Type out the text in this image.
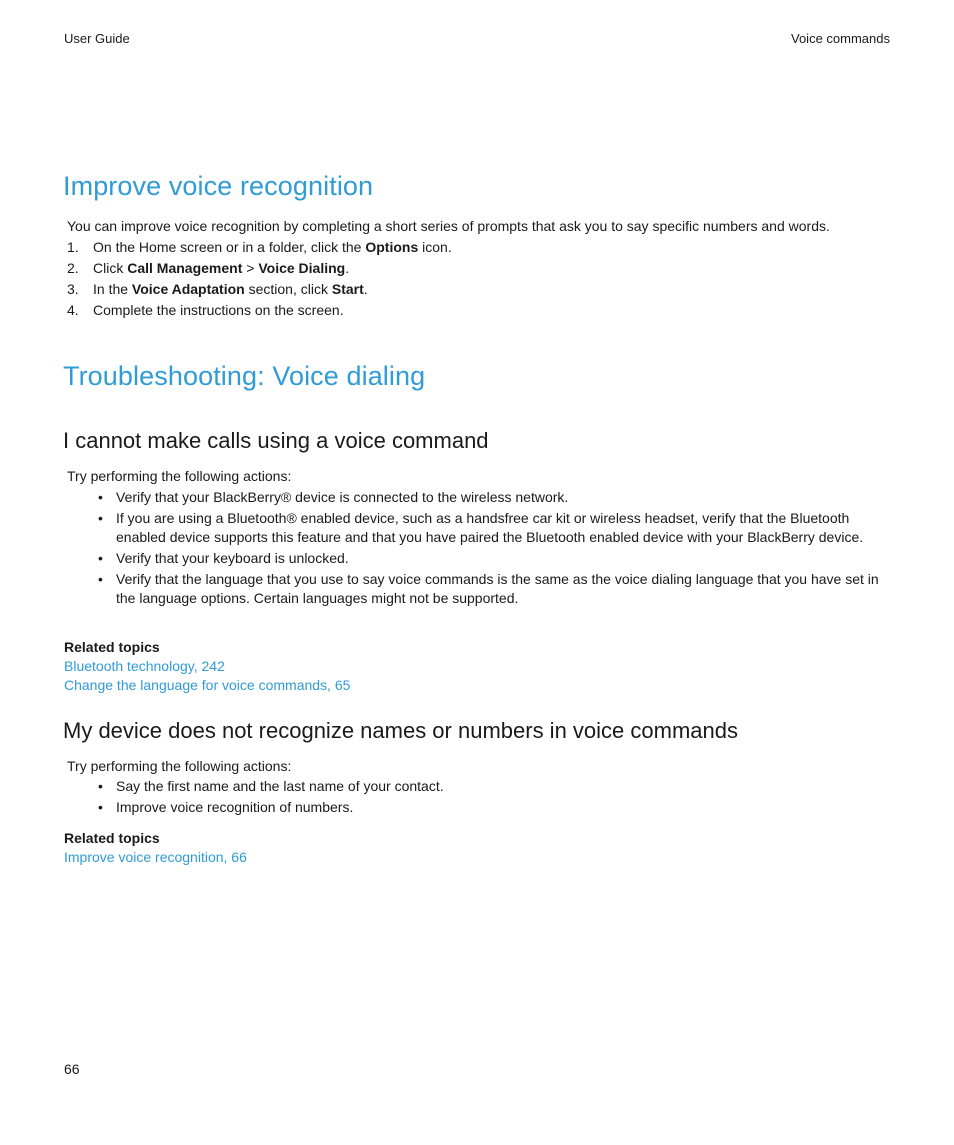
User Guide	Voice commands
Improve voice recognition
You can improve voice recognition by completing a short series of prompts that ask you to say specific numbers and words.
1. On the Home screen or in a folder, click the Options icon.
2. Click Call Management > Voice Dialing.
3. In the Voice Adaptation section, click Start.
4. Complete the instructions on the screen.
Troubleshooting: Voice dialing
I cannot make calls using a voice command
Try performing the following actions:
• Verify that your BlackBerry® device is connected to the wireless network.
• If you are using a Bluetooth® enabled device, such as a handsfree car kit or wireless headset, verify that the Bluetooth enabled device supports this feature and that you have paired the Bluetooth enabled device with your BlackBerry device.
• Verify that your keyboard is unlocked.
• Verify that the language that you use to say voice commands is the same as the voice dialing language that you have set in the language options. Certain languages might not be supported.
Related topics
Bluetooth technology, 242
Change the language for voice commands, 65
My device does not recognize names or numbers in voice commands
Try performing the following actions:
• Say the first name and the last name of your contact.
• Improve voice recognition of numbers.
Related topics
Improve voice recognition, 66
66
